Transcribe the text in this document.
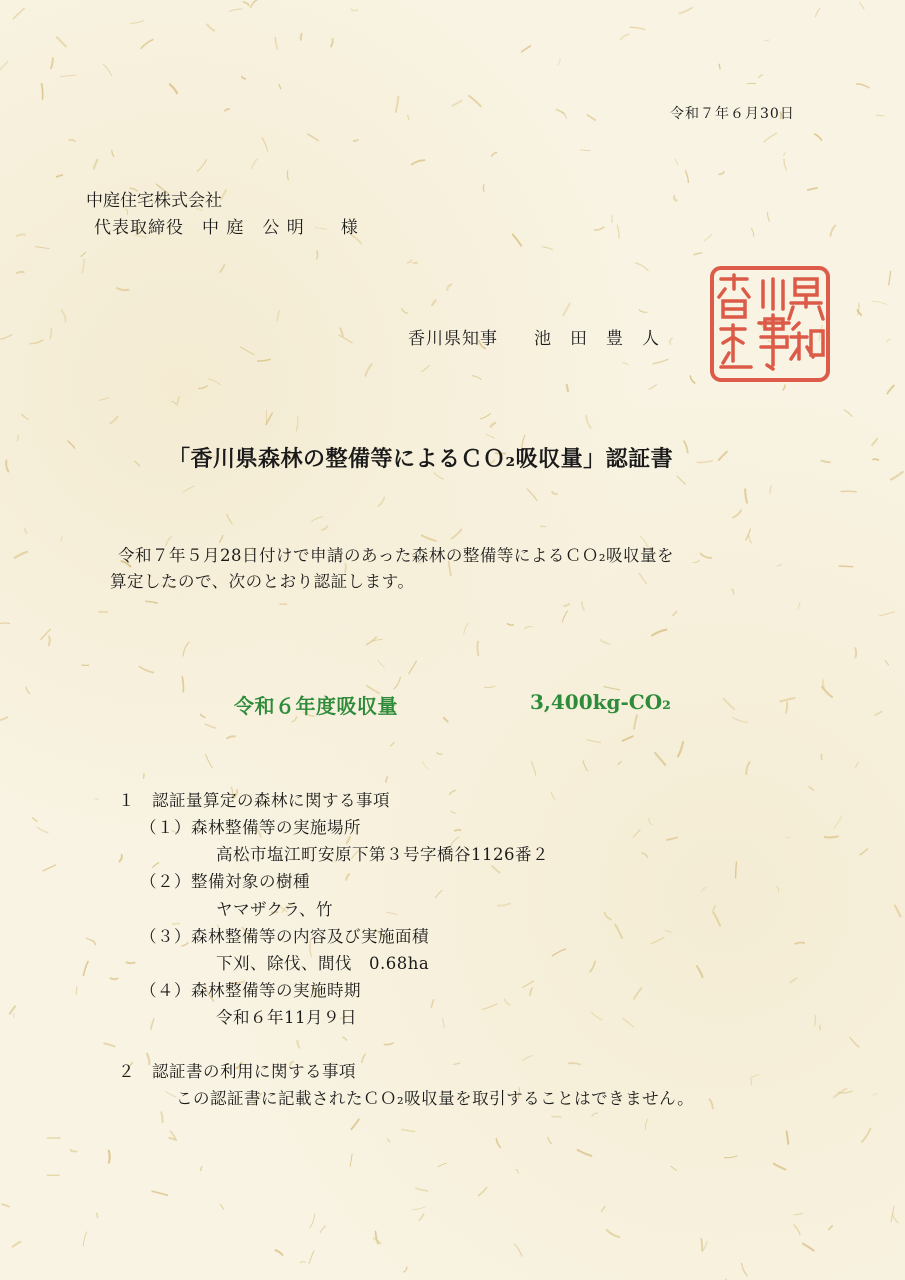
令和７年６月30日
中庭住宅株式会社
代表取締役　中 庭　公 明　　様
香川県知事　　池　田　豊　人
「香川県森林の整備等によるＣＯ₂吸収量」認証書
令和７年５月28日付けで申請のあった森林の整備等によるＣＯ₂吸収量を
算定したので、次のとおり認証します。
令和６年度吸収量	3,400kg-CO₂
１　認証量算定の森林に関する事項
（１）森林整備等の実施場所
高松市塩江町安原下第３号字橋谷1126番２
（２）整備対象の樹種
ヤマザクラ、竹
（３）森林整備等の内容及び実施面積
下刈、除伐、間伐　0.68ha
（４）森林整備等の実施時期
令和６年11月９日
２　認証書の利用に関する事項
この認証書に記載されたＣＯ₂吸収量を取引することはできません。
